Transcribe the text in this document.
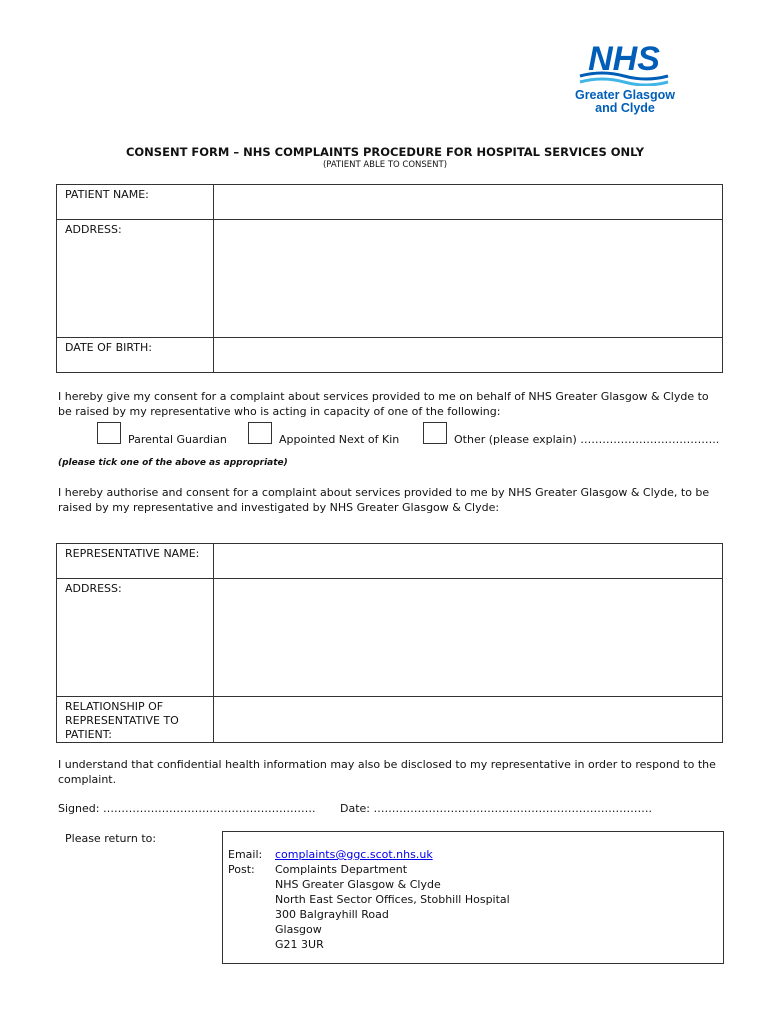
NHS
Greater Glasgow
and Clyde
CONSENT FORM – NHS COMPLAINTS PROCEDURE FOR HOSPITAL SERVICES ONLY
(PATIENT ABLE TO CONSENT)
PATIENT NAME:	
ADDRESS:	
DATE OF BIRTH:	
I hereby give my consent for a complaint about services provided to me on behalf of NHS Greater Glasgow & Clyde to be raised by my representative who is acting in capacity of one of the following:
Parental Guardian	Appointed Next of Kin	Other (please explain) ………………………………..
(please tick one of the above as appropriate)
I hereby authorise and consent for a complaint about services provided to me by NHS Greater Glasgow & Clyde, to be raised by my representative and investigated by NHS Greater Glasgow & Clyde:
REPRESENTATIVE NAME:	
ADDRESS:	
RELATIONSHIP OF REPRESENTATIVE TO PATIENT:	
I understand that confidential health information may also be disclosed to my representative in order to respond to the complaint.
Signed: …………………………………………………. Date: ………………………………………………………………….
Please return to:
Email: complaints@ggc.scot.nhs.uk
Post: Complaints Department
NHS Greater Glasgow & Clyde
North East Sector Offices, Stobhill Hospital
300 Balgrayhill Road
Glasgow
G21 3UR
